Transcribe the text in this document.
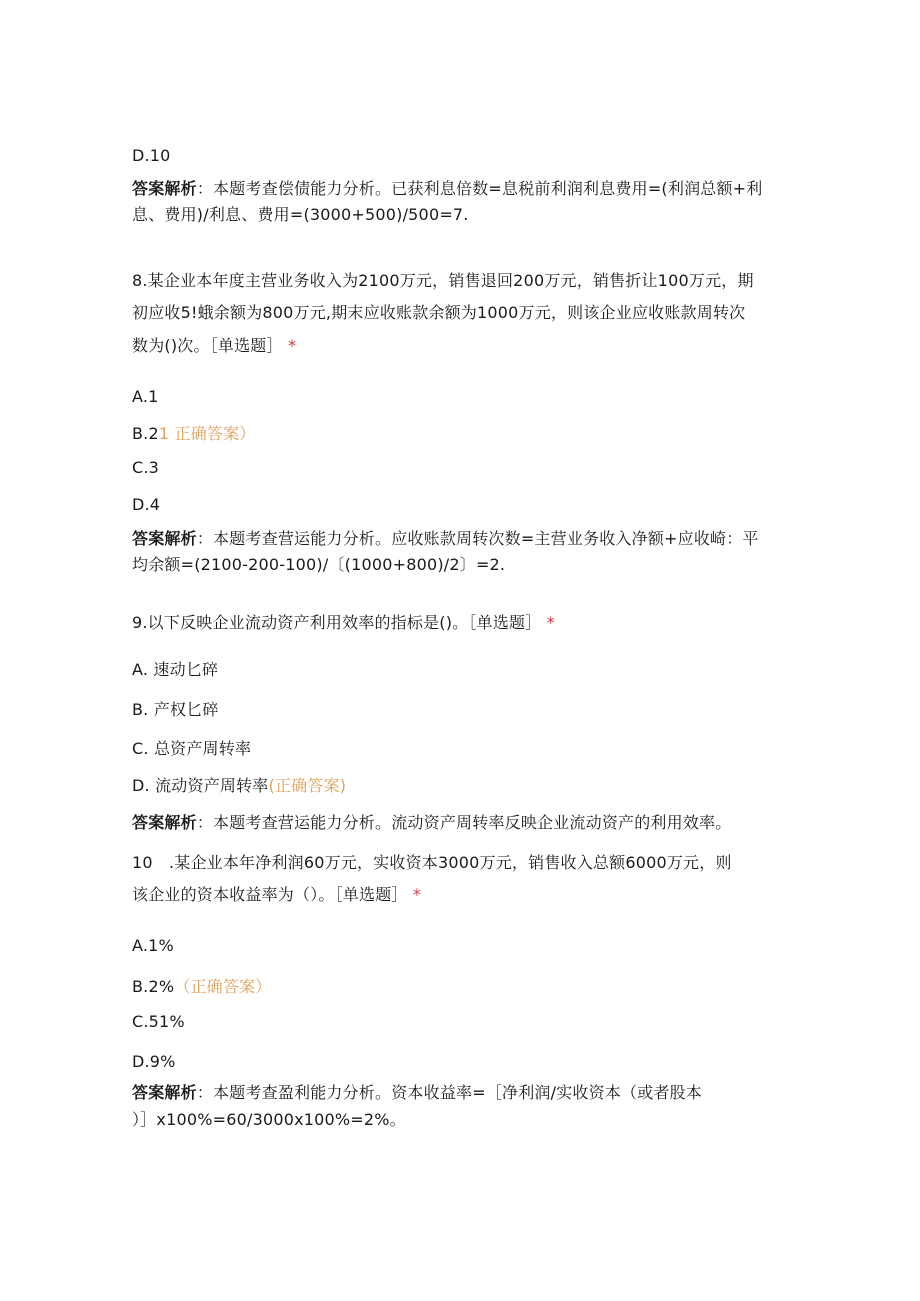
D.10
答案解析：本题考查偿债能力分析。已获利息倍数=息税前利润利息费用=(利润总额+利
息、费用)/利息、费用=(3000+500)/500=7.
8.某企业本年度主营业务收入为2100万元，销售退回200万元，销售折让100万元，期
初应收5!蛾余额为800万元,期末应收账款余额为1000万元，则该企业应收账款周转次
数为()次。［单选题］ *
A.1
B.21 正确答案）
C.3
D.4
答案解析：本题考查营运能力分析。应收账款周转次数=主营业务收入净额+应收崎：平
均余额=(2100-200-100)/〔(1000+800)/2〕=2.
9.以下反映企业流动资产利用效率的指标是()。［单选题］ *
A. 速动匕碎
B. 产权匕碎
C. 总资产周转率
D. 流动资产周转率(正确答案)
答案解析：本题考查营运能力分析。流动资产周转率反映企业流动资产的利用效率。
10　.某企业本年净利润60万元，实收资本3000万元，销售收入总额6000万元，则
该企业的资本收益率为（）。［单选题］ *
A.1%
B.2%（正确答案）
C.51%
D.9%
答案解析：本题考查盈利能力分析。资本收益率=［净利润/实收资本（或者股本
）］x100%=60/3000x100%=2%。
